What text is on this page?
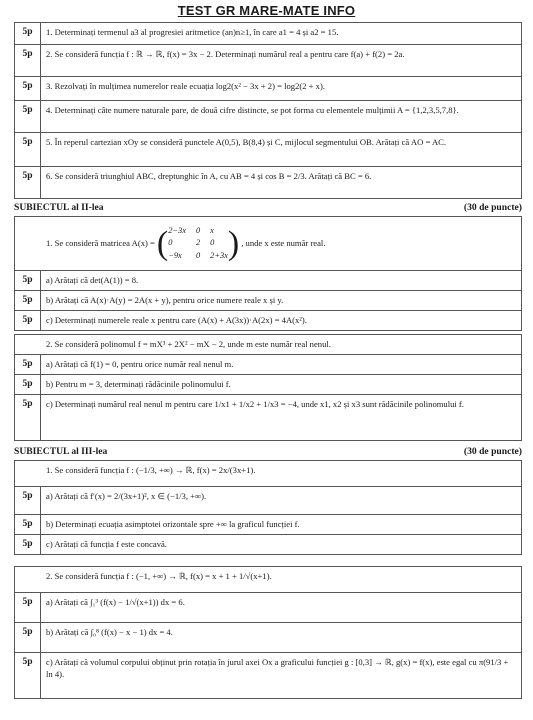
TEST GR MARE-MATE INFO
5p	1. Determinați termenul a3 al progresiei aritmetice (an)n≥1, în care a1 = 4 și a2 = 15.
5p	2. Se consideră funcția f : ℝ → ℝ, f(x) = 3x − 2. Determinați numărul real a pentru care f(a) + f(2) = 2a.
5p	3. Rezolvați în mulțimea numerelor reale ecuația log2(x² − 3x + 2) = log2(2 + x).
5p	4. Determinați câte numere naturale pare, de două cifre distincte, se pot forma cu elementele mulțimii A = {1,2,3,5,7,8}.
5p	5. În reperul cartezian xOy se consideră punctele A(0,5), B(8,4) și C, mijlocul segmentului OB. Arătați că AO = AC.
5p	6. Se consideră triunghiul ABC, dreptunghic în A, cu AB = 4 și cos B = 2/3. Arătați că BC = 6.
SUBIECTUL al II-lea	(30 de puncte)
1. Se consideră matricea A(x) = ( 2−3x 0 x
0	2 0
−9x	0 2+3x ) , unde x este număr real.
5p	a) Arătați că det(A(1)) = 8.
5p	b) Arătați că A(x)·A(y) = 2A(x + y), pentru orice numere reale x și y.
5p	c) Determinați numerele reale x pentru care (A(x) + A(3x))·A(2x) = 4A(x²).
2. Se consideră polinomul f = mX³ + 2X² − mX − 2, unde m este număr real nenul.
5p	a) Arătați că f(1) = 0, pentru orice număr real nenul m.
5p	b) Pentru m = 3, determinați rădăcinile polinomului f.
5p	c) Determinați numărul real nenul m pentru care 1/x1 + 1/x2 + 1/x3 = −4, unde x1, x2 și x3 sunt rădăcinile polinomului f.
SUBIECTUL al III-lea	(30 de puncte)
1. Se consideră funcția f : (−1/3, +∞) → ℝ, f(x) = 2x/(3x+1).
5p	a) Arătați că f′(x) = 2/(3x+1)², x ∈ (−1/3, +∞).
5p	b) Determinați ecuația asimptotei orizontale spre +∞ la graficul funcției f.
5p	c) Arătați că funcția f este concavă.
2. Se consideră funcția f : (−1, +∞) → ℝ, f(x) = x + 1 + 1/√(x+1).
5p	a) Arătați că ∫₁³ (f(x) − 1/√(x+1)) dx = 6.
5p	b) Arătați că ∫₀⁸ (f(x) − x − 1) dx = 4.
5p	c) Arătați că volumul corpului obținut prin rotația în jurul axei Ox a graficului funcției g : [0,3] → ℝ, g(x) = f(x), este egal cu π(91/3 + ln 4).
